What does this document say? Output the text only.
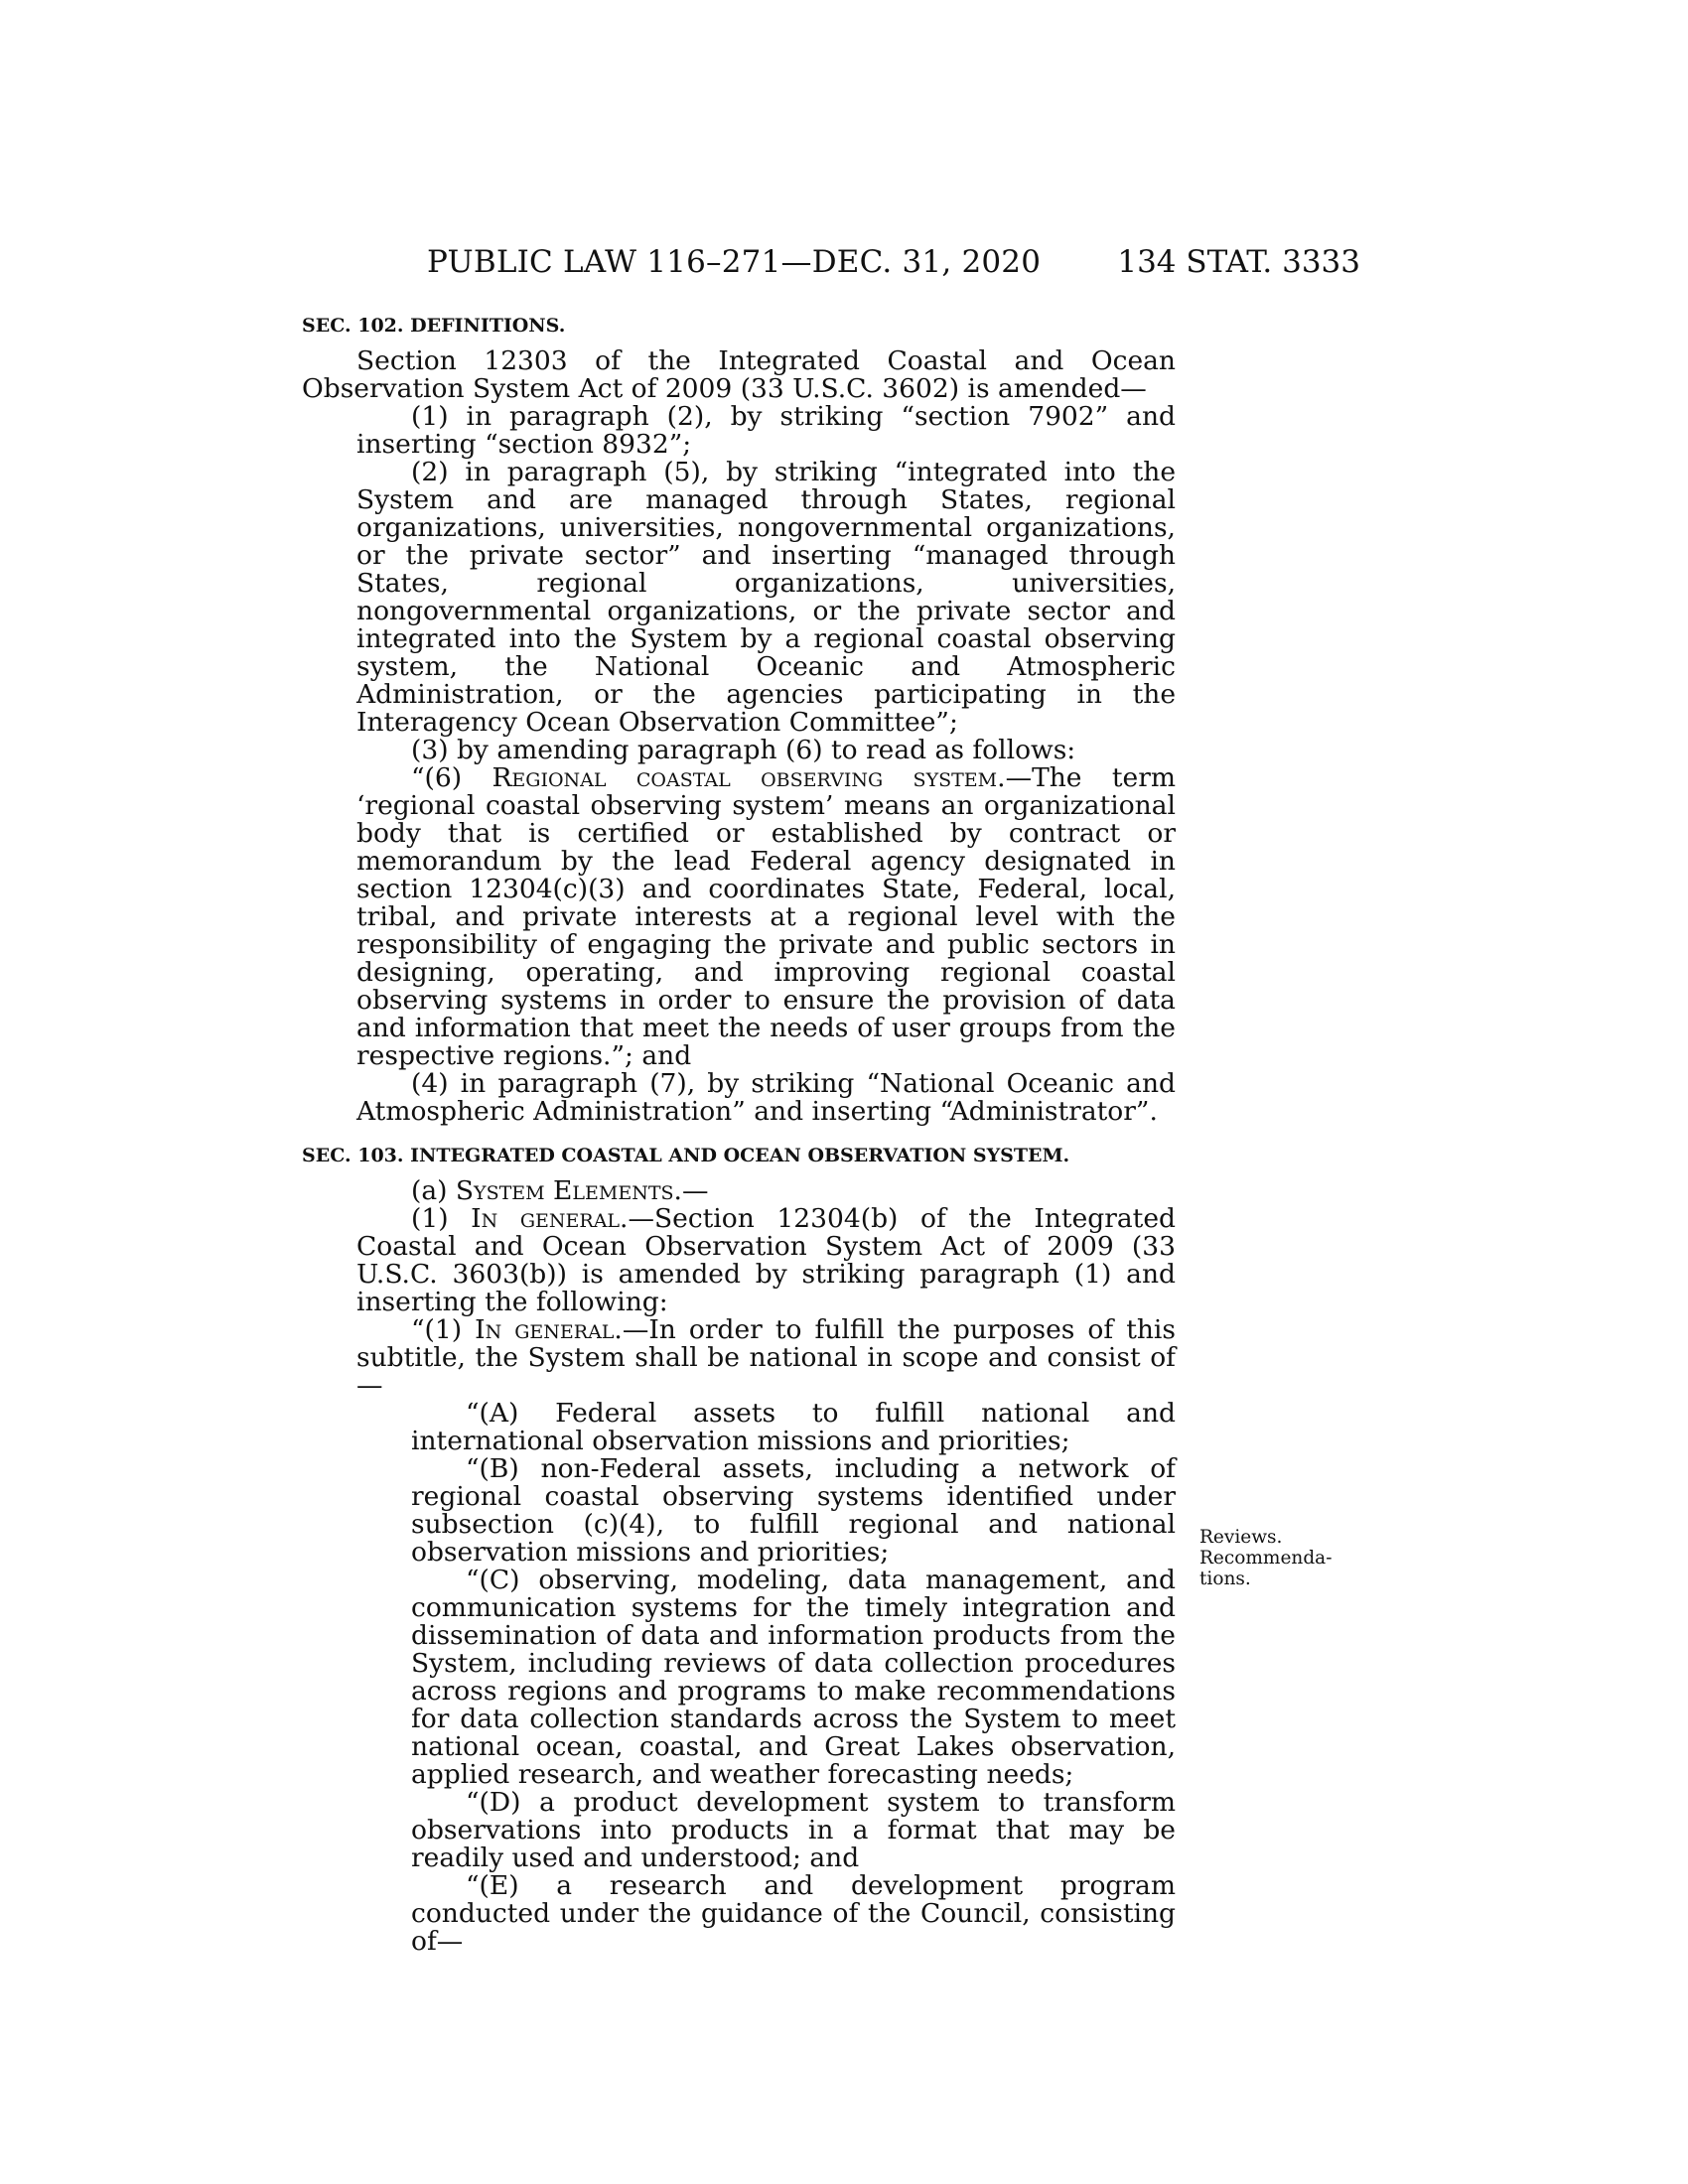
PUBLIC LAW 116–271—DEC. 31, 2020 134 STAT. 3333
SEC. 102. DEFINITIONS.

Section 12303 of the Integrated Coastal and Ocean Observation System Act of 2009 (33 U.S.C. 3602) is amended—

(1) in paragraph (2), by striking “section 7902” and inserting “section 8932”;

(2) in paragraph (5), by striking “integrated into the System and are managed through States, regional organizations, universities, nongovernmental organizations, or the private sector” and inserting “managed through States, regional organizations, universities, nongovernmental organizations, or the private sector and integrated into the System by a regional coastal observing system, the National Oceanic and Atmospheric Administration, or the agencies participating in the Interagency Ocean Observation Committee”;

(3) by amending paragraph (6) to read as follows:

“(6) Regional coastal observing system.—The term ‘regional coastal observing system’ means an organizational body that is certified or established by contract or memorandum by the lead Federal agency designated in section 12304(c)(3) and coordinates State, Federal, local, tribal, and private interests at a regional level with the responsibility of engaging the private and public sectors in designing, operating, and improving regional coastal observing systems in order to ensure the provision of data and information that meet the needs of user groups from the respective regions.”; and

(4) in paragraph (7), by striking “National Oceanic and Atmospheric Administration” and inserting “Administrator”.

SEC. 103. INTEGRATED COASTAL AND OCEAN OBSERVATION SYSTEM.

(a) System Elements.—

(1) In general.—Section 12304(b) of the Integrated Coastal and Ocean Observation System Act of 2009 (33 U.S.C. 3603(b)) is amended by striking paragraph (1) and inserting the following:

“(1) In general.—In order to fulfill the purposes of this subtitle, the System shall be national in scope and consist of—

“(A) Federal assets to fulfill national and international observation missions and priorities;

“(B) non-Federal assets, including a network of regional coastal observing systems identified under subsection (c)(4), to fulfill regional and national observation missions and priorities;

“(C) observing, modeling, data management, and communication systems for the timely integration and dissemination of data and information products from the System, including reviews of data collection procedures across regions and programs to make recommendations for data collection standards across the System to meet national ocean, coastal, and Great Lakes observation, applied research, and weather forecasting needs;

“(D) a product development system to transform observations into products in a format that may be readily used and understood; and

“(E) a research and development program conducted under the guidance of the Council, consisting of—

Reviews.
Recommenda-
tions.
